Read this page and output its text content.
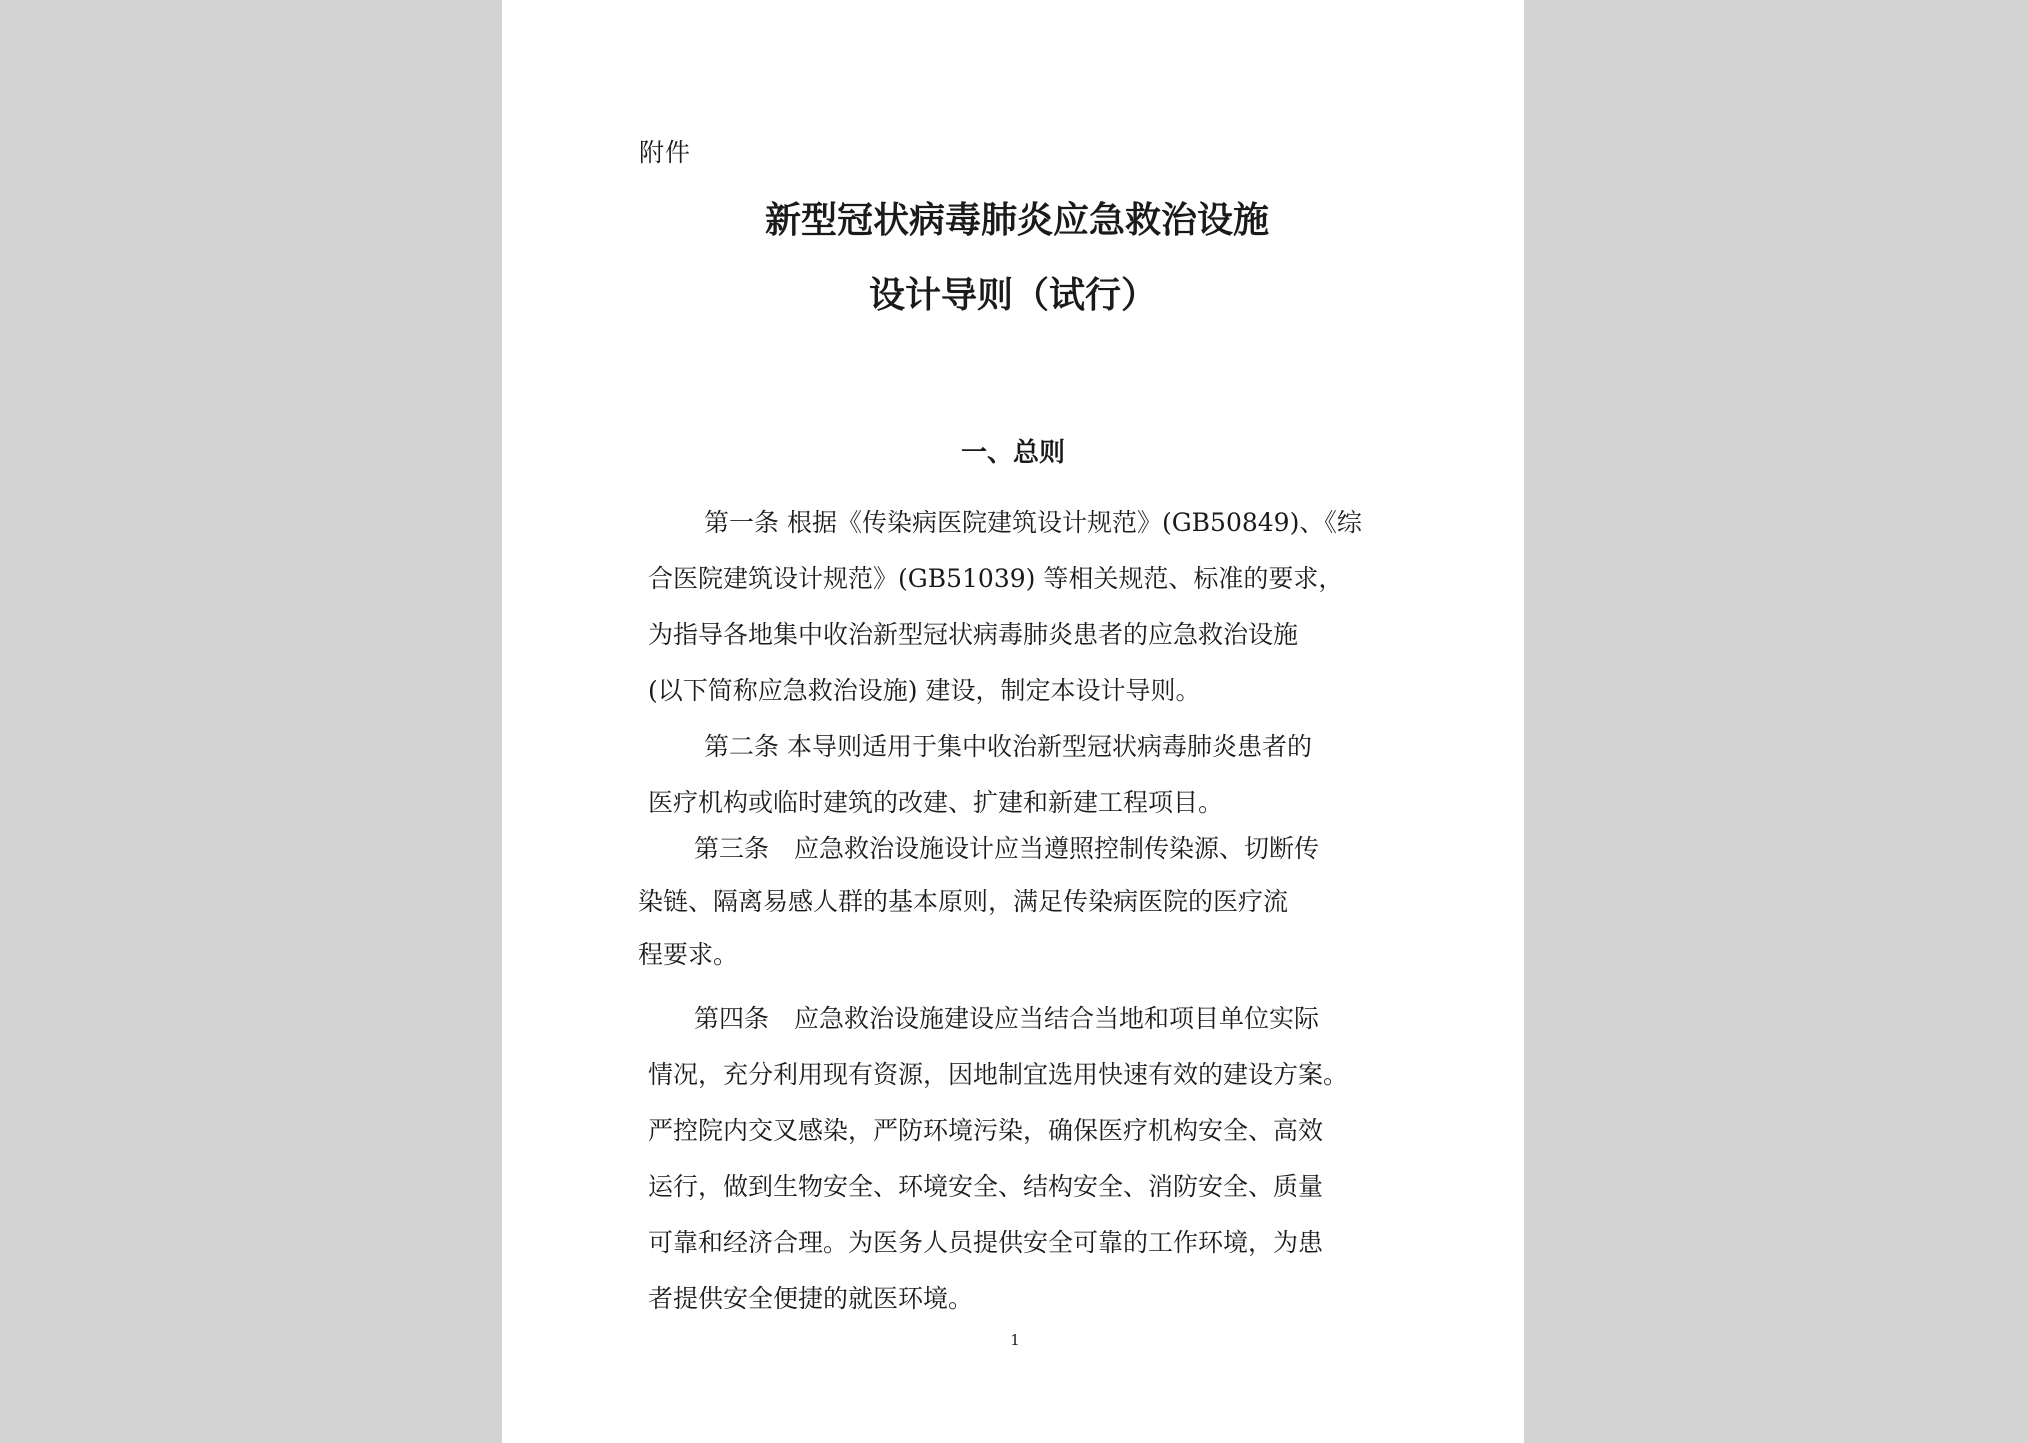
附件
新型冠状病毒肺炎应急救治设施
设计导则（试行）
一、总则
第一条 根据《传染病医院建筑设计规范》(GB50849)、《综
合医院建筑设计规范》(GB51039) 等相关规范、标准的要求，
为指导各地集中收治新型冠状病毒肺炎患者的应急救治设施
(以下简称应急救治设施) 建设，制定本设计导则。
第二条 本导则适用于集中收治新型冠状病毒肺炎患者的
医疗机构或临时建筑的改建、扩建和新建工程项目。
第三条　应急救治设施设计应当遵照控制传染源、切断传
染链、隔离易感人群的基本原则，满足传染病医院的医疗流
程要求。
第四条　应急救治设施建设应当结合当地和项目单位实际
情况，充分利用现有资源，因地制宜选用快速有效的建设方案。
严控院内交叉感染，严防环境污染，确保医疗机构安全、高效
运行，做到生物安全、环境安全、结构安全、消防安全、质量
可靠和经济合理。为医务人员提供安全可靠的工作环境，为患
者提供安全便捷的就医环境。
1
